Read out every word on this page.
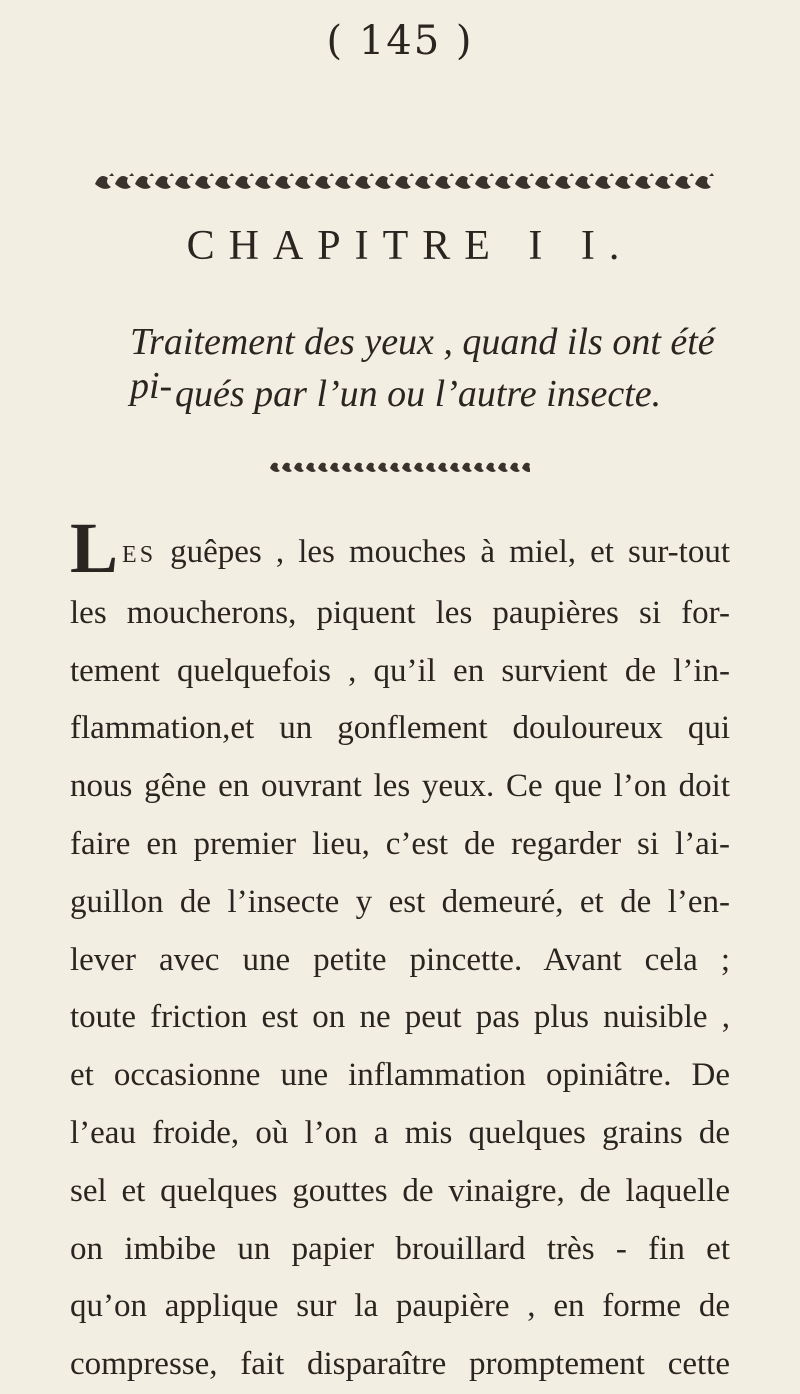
( 145 )
CHAPITRE I I.
Traitement des yeux , quand ils ont été pi- qués par l’un ou l’autre insecte.
LES guêpes , les mouches à miel, et sur-tout
les moucherons, piquent les paupières si for-
tement quelquefois , qu’il en survient de l’in-
flammation,et un gonflement douloureux qui
nous gêne en ouvrant les yeux. Ce que l’on doit
faire en premier lieu, c’est de regarder si l’ai-
guillon de l’insecte y est demeuré, et de l’en-
lever avec une petite pincette. Avant cela ;
toute friction est on ne peut pas plus nuisible ,
et occasionne une inflammation opiniâtre. De
l’eau froide, où l’on a mis quelques grains de
sel et quelques gouttes de vinaigre, de laquelle
on imbibe un papier brouillard très - fin et
qu’on applique sur la paupière , en forme de
compresse, fait disparaître promptement cette
